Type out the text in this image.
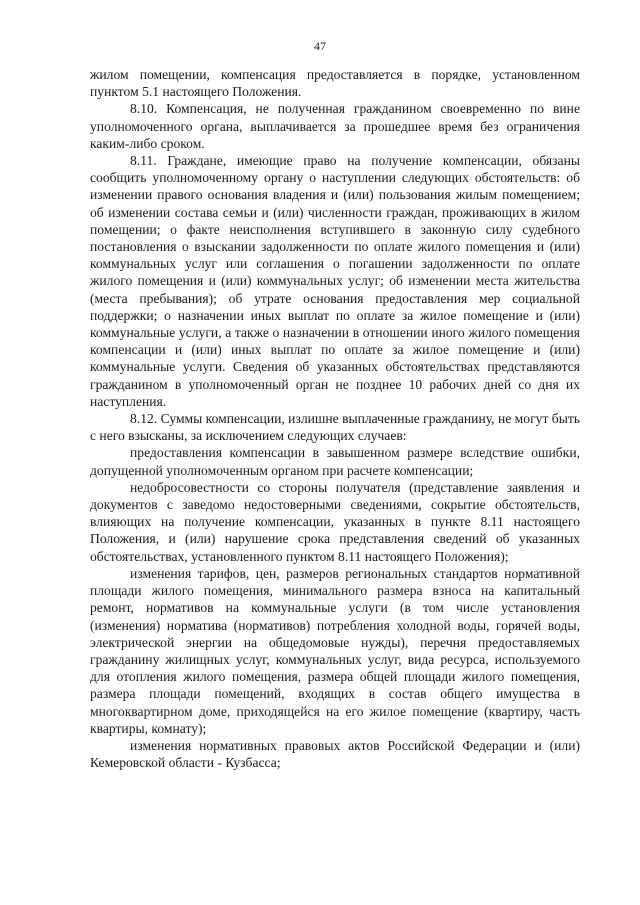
47

жилом помещении, компенсация предоставляется в порядке, установленном пунктом 5.1 настоящего Положения.

8.10. Компенсация, не полученная гражданином своевременно по вине уполномоченного органа, выплачивается за прошедшее время без ограничения каким-либо сроком.

8.11. Граждане, имеющие право на получение компенсации, обязаны сообщить уполномоченному органу о наступлении следующих обстоятельств: об изменении правого основания владения и (или) пользования жилым помещением; об изменении состава семьи и (или) численности граждан, проживающих в жилом помещении; о факте неисполнения вступившего в законную силу судебного постановления о взыскании задолженности по оплате жилого помещения и (или) коммунальных услуг или соглашения о погашении задолженности по оплате жилого помещения и (или) коммунальных услуг; об изменении места жительства (места пребывания); об утрате основания предоставления мер социальной поддержки; о назначении иных выплат по оплате за жилое помещение и (или) коммунальные услуги, а также о назначении в отношении иного жилого помещения компенсации и (или) иных выплат по оплате за жилое помещение и (или) коммунальные услуги. Сведения об указанных обстоятельствах представляются гражданином в уполномоченный орган не позднее 10 рабочих дней со дня их наступления.

8.12. Суммы компенсации, излишне выплаченные гражданину, не могут быть с него взысканы, за исключением следующих случаев:

предоставления компенсации в завышенном размере вследствие ошибки, допущенной уполномоченным органом при расчете компенсации;

недобросовестности со стороны получателя (представление заявления и документов с заведомо недостоверными сведениями, сокрытие обстоятельств, влияющих на получение компенсации, указанных в пункте 8.11 настоящего Положения, и (или) нарушение срока представления сведений об указанных обстоятельствах, установленного пунктом 8.11 настоящего Положения);

изменения тарифов, цен, размеров региональных стандартов нормативной площади жилого помещения, минимального размера взноса на капитальный ремонт, нормативов на коммунальные услуги (в том числе установления (изменения) норматива (нормативов) потребления холодной воды, горячей воды, электрической энергии на общедомовые нужды), перечня предоставляемых гражданину жилищных услуг, коммунальных услуг, вида ресурса, используемого для отопления жилого помещения, размера общей площади жилого помещения, размера площади помещений, входящих в состав общего имущества в многоквартирном доме, приходящейся на его жилое помещение (квартиру, часть квартиры, комнату);

изменения нормативных правовых актов Российской Федерации и (или) Кемеровской области - Кузбасса;
